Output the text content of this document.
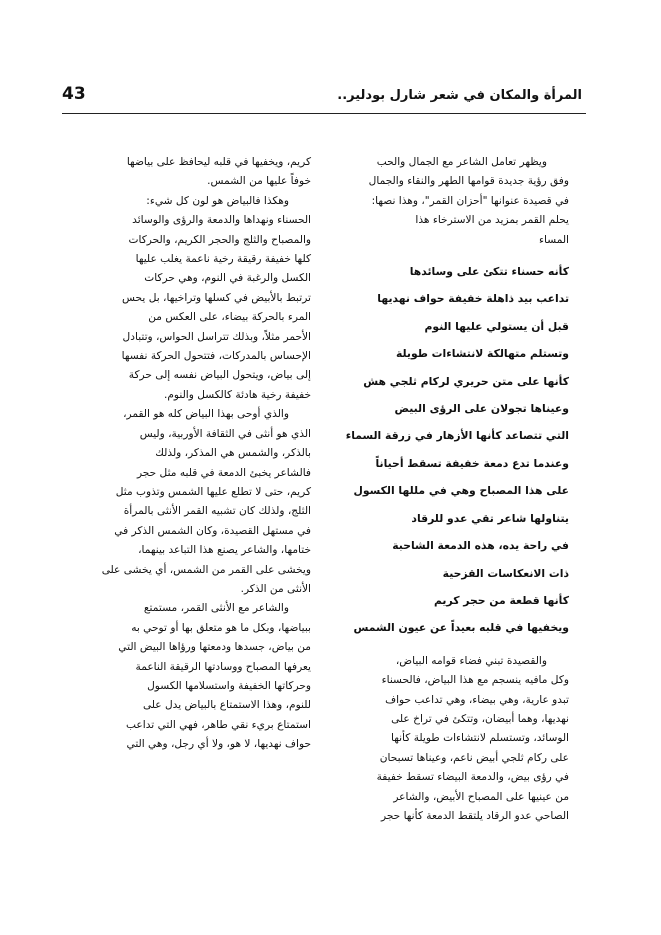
المرأة والمكان في شعر شارل بودلير..
43

ويظهر تعامل الشاعر مع الجمال والحب

وفق رؤية جديدة قوامها الطهر والنقاء والجمال

في قصيدة عنوانها "أحزان القمر"، وهذا نصها:

يحلم القمر بمزيد من الاسترخاء هذا

المساء

كأنه حسناء تتكئ على وسائدها

تداعب بيد ذاهلة خفيفة حواف نهديها

قبل أن يستولي عليها النوم

وتستلم متهالكة لانتشاءات طويلة

كأنها على متن حريري لركام ثلجي هش

وعيناها تجولان على الرؤى البيض

التي تتصاعد كأنها الأزهار في زرقة السماء

وعندما تدع دمعة خفيفة تسقط أحياناً

على هذا المصباح وهي في مللها الكسول

يتناولها شاعر تقي عدو للرقاد

في راحة يده، هذه الدمعة الشاحبة

ذات الانعكاسات القزحية

كأنها قطعة من حجر كريم

ويخفيها في قلبه بعيداً عن عيون الشمس

والقصيدة تبني فضاء قوامه البياض،

وكل مافيه ينسجم مع هذا البياض، فالحسناء

تبدو عارية، وهي بيضاء، وهي تداعب حواف

نهديها، وهما أبيضان، وتتكئ في تراخ على

الوسائد، وتستسلم لانتشاءات طويلة كأنها

على ركام ثلجي أبيض ناعم، وعيناها تسبحان

في رؤى بيض، والدمعة البيضاء تسقط خفيفة

من عينيها على المصباح الأبيض، والشاعر

الصاحي عدو الرقاد يلتقط الدمعة كأنها حجر

كريم، ويخفيها في قلبه ليحافظ على بياضها

خوفاً عليها من الشمس.

وهكذا فالبياض هو لون كل شيء:

الحسناء ونهداها والدمعة والرؤى والوسائد

والمصباح والثلج والحجر الكريم، والحركات

كلها خفيفة رقيقة رخية ناعمة يغلب عليها

الكسل والرغبة في النوم، وهي حركات

ترتبط بالأبيض في كسلها وتراخيها، بل يحس

المرء بالحركة بيضاء، على العكس من

الأحمر مثلاً، وبذلك تتراسل الحواس، وتتبادل

الإحساس بالمدركات، فتتحول الحركة نفسها

إلى بياض، ويتحول البياض نفسه إلى حركة

خفيفة رخية هادئة كالكسل والنوم.

والذي أوحى بهذا البياض كله هو القمر،

الذي هو أنثى في الثقافة الأوربية، وليس

بالذكر، والشمس هي المذكر، ولذلك

فالشاعر يخبئ الدمعة في قلبه مثل حجر

كريم، حتى لا تطلع عليها الشمس وتذوب مثل

الثلج، ولذلك كان تشبيه القمر الأنثى بالمرأة

في مستهل القصيدة، وكان الشمس الذكر في

ختامها، والشاعر يصنع هذا التباعد بينهما،

ويخشى على القمر من الشمس، أي يخشى على

الأنثى من الذكر.

والشاعر مع الأنثى القمر، مستمتع

ببياضها، وبكل ما هو متعلق بها أو توحي به

من بياض، جسدها ودمعتها ورؤاها البيض التي

يعرفها المصباح ووسادتها الرقيقة الناعمة

وحركاتها الخفيفة واستسلامها الكسول

للنوم، وهذا الاستمتاع بالبياض يدل على

استمتاع بريء نقي طاهر، فهي التي تداعب

حواف نهديها، لا هو، ولا أي رجل، وهي التي
